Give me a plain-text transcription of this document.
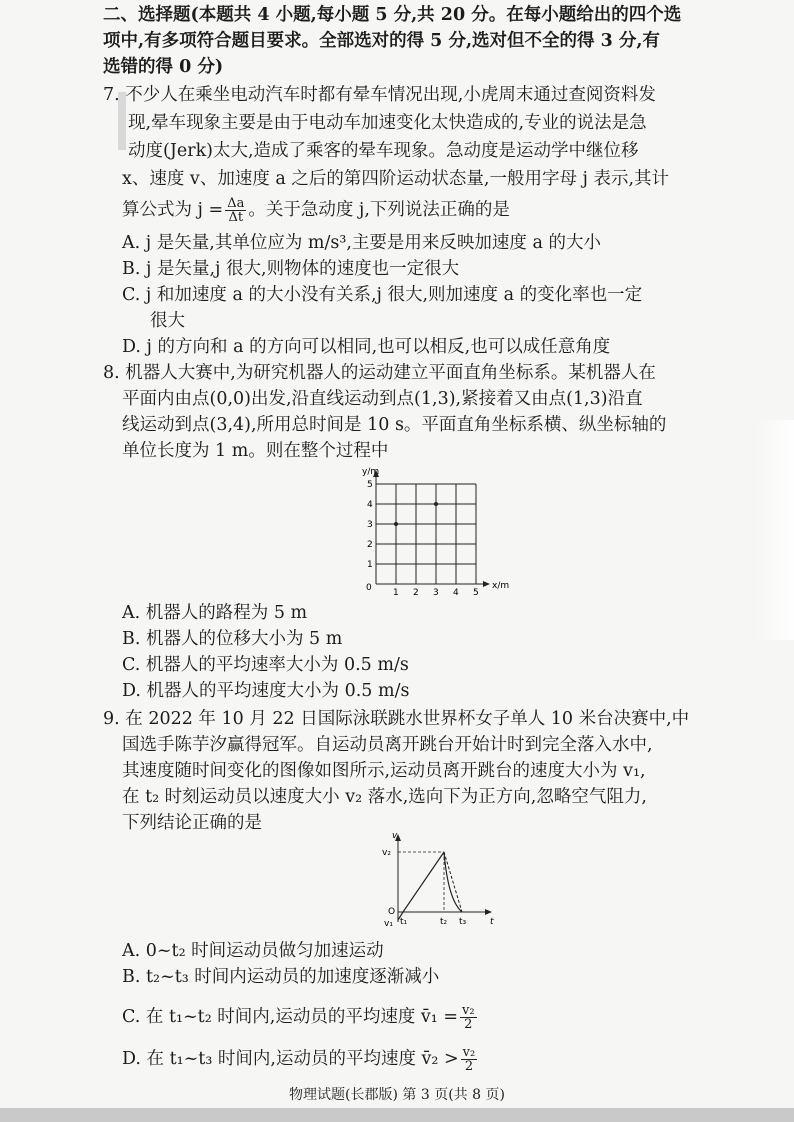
二、选择题(本题共 4 小题,每小题 5 分,共 20 分。在每小题给出的四个选
项中,有多项符合题目要求。全部选对的得 5 分,选对但不全的得 3 分,有
选错的得 0 分)
7. 不少人在乘坐电动汽车时都有晕车情况出现,小虎周末通过查阅资料发
现,晕车现象主要是由于电动车加速变化太快造成的,专业的说法是急
动度(Jerk)太大,造成了乘客的晕车现象。急动度是运动学中继位移
x、速度 v、加速度 a 之后的第四阶运动状态量,一般用字母 j 表示,其计
算公式为 $j = \frac{\Delta a}{\Delta t}$ 。关于急动度 j,下列说法正确的是
A. j 是矢量,其单位应为 m/s³,主要是用来反映加速度 a 的大小
B. j 是矢量,j 很大,则物体的速度也一定很大
C. j 和加速度 a 的大小没有关系,j 很大,则加速度 a 的变化率也一定
很大
D. j 的方向和 a 的方向可以相同,也可以相反,也可以成任意角度
8. 机器人大赛中,为研究机器人的运动建立平面直角坐标系。某机器人在
平面内由点(0,0)出发,沿直线运动到点(1,3),紧接着又由点(1,3)沿直
线运动到点(3,4),所用总时间是 10 s。平面直角坐标系横、纵坐标轴的
单位长度为 1 m。则在整个过程中
y/m
x/m
0 1 2 3 4 5
1
2
3
4
5
A. 机器人的路程为 5 m
B. 机器人的位移大小为 5 m
C. 机器人的平均速率大小为 0.5 m/s
D. 机器人的平均速度大小为 0.5 m/s
9. 在 2022 年 10 月 22 日国际泳联跳水世界杯女子单人 10 米台决赛中,中
国选手陈芋汐赢得冠军。自运动员离开跳台开始计时到完全落入水中,
其速度随时间变化的图像如图所示,运动员离开跳台的速度大小为 v₁,
在 t₂ 时刻运动员以速度大小 v₂ 落水,选向下为正方向,忽略空气阻力,
下列结论正确的是
v
v₂
O
v₁ t₁	t₂ t₃	t
A. 0~t₂ 时间运动员做匀加速运动
B. t₂~t₃ 时间内运动员的加速度逐渐减小
C. 在 t₁~t₂ 时间内,运动员的平均速度 v̄₁ = $\frac{\text{v₂}}{2}$
D. 在 t₁~t₃ 时间内,运动员的平均速度 v̄₂ > $\frac{\text{v₂}}{2}$
物理试题(长郡版) 第 3 页(共 8 页)
